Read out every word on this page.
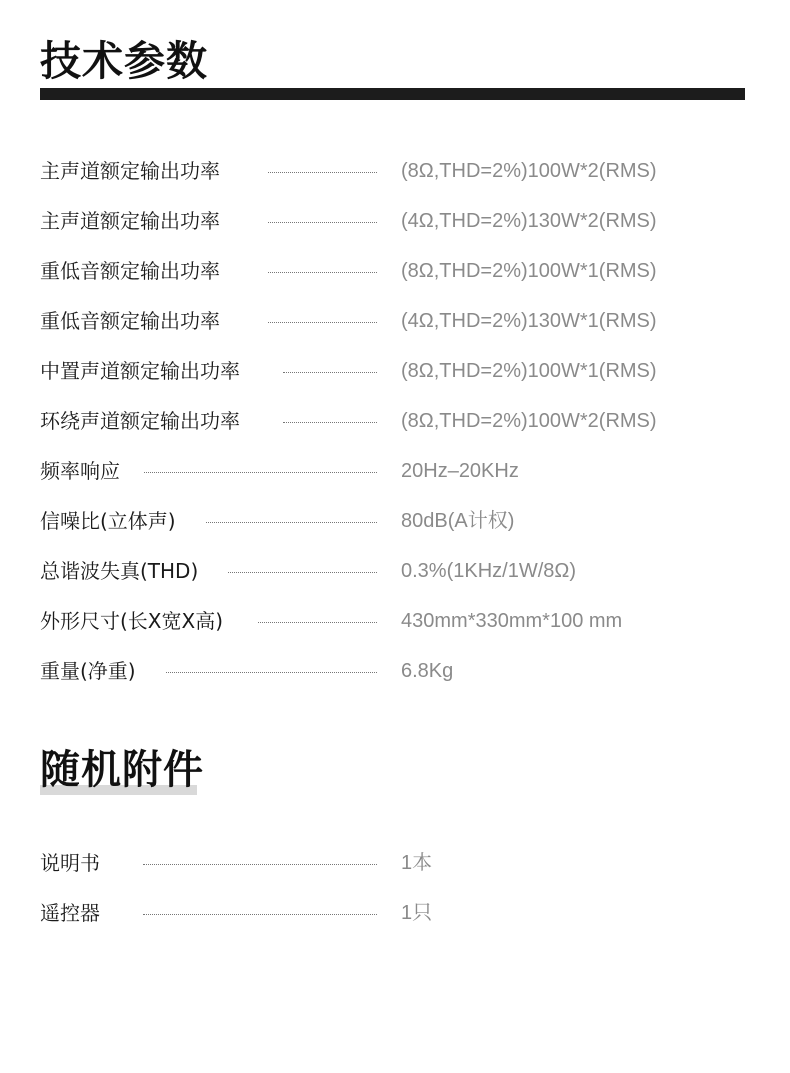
技术参数
主声道额定输出功率	(8Ω,THD=2%)100W*2(RMS)
主声道额定输出功率	(4Ω,THD=2%)130W*2(RMS)
重低音额定输出功率	(8Ω,THD=2%)100W*1(RMS)
重低音额定输出功率	(4Ω,THD=2%)130W*1(RMS)
中置声道额定输出功率	(8Ω,THD=2%)100W*1(RMS)
环绕声道额定输出功率	(8Ω,THD=2%)100W*2(RMS)
频率响应	20Hz–20KHz
信噪比(立体声)	80dB(A计权)
总谐波失真(THD)	0.3%(1KHz/1W/8Ω)
外形尺寸(长X宽X高)	430mm*330mm*100 mm
重量(净重)	6.8Kg
随机附件
说明书	1本
遥控器	1只
